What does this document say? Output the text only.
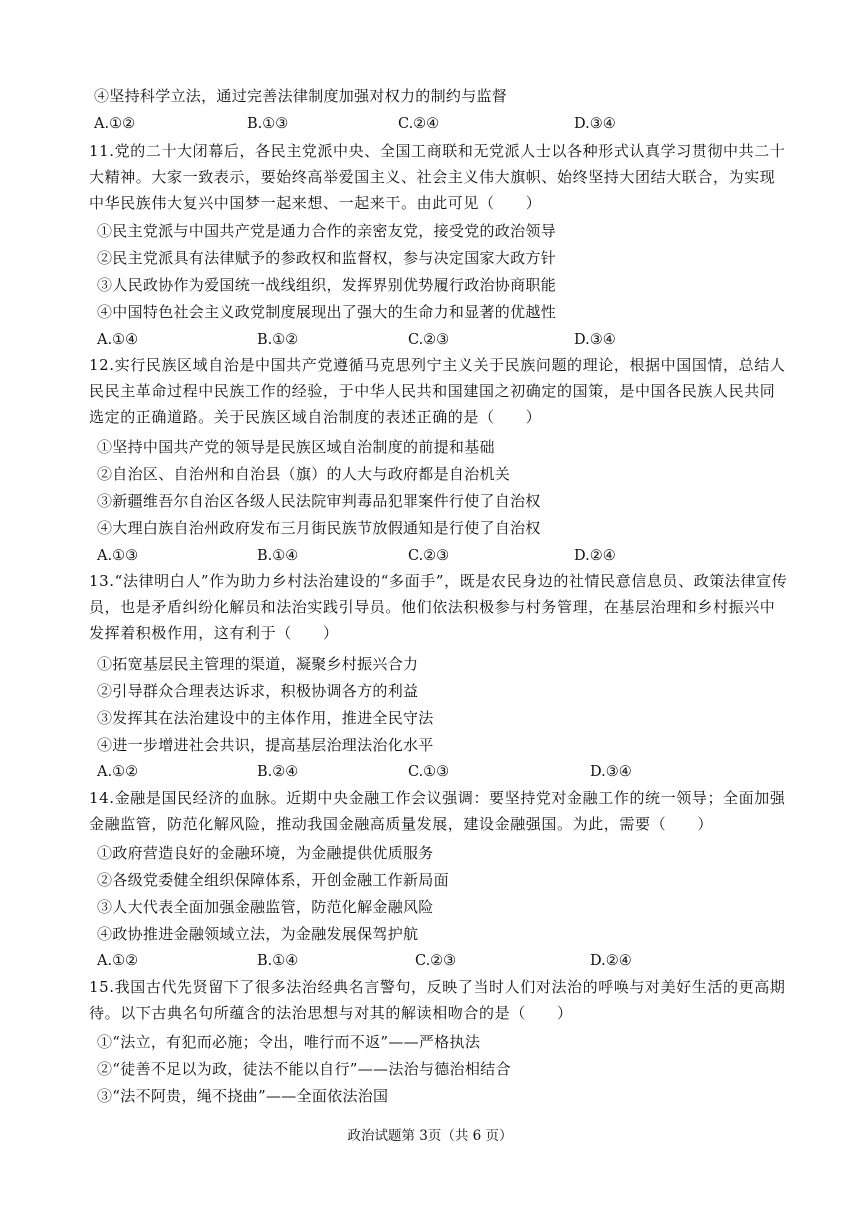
④坚持科学立法，通过完善法律制度加强对权力的制约与监督
A.①②	B.①③	C.②④	D.③④
11.党的二十大闭幕后，各民主党派中央、全国工商联和无党派人士以各种形式认真学习贯彻中共二十大精神。大家一致表示，要始终高举爱国主义、社会主义伟大旗帜、始终坚持大团结大联合，为实现中华民族伟大复兴中国梦一起来想、一起来干。由此可见（　　）
①民主党派与中国共产党是通力合作的亲密友党，接受党的政治领导
②民主党派具有法律赋予的参政权和监督权，参与决定国家大政方针
③人民政协作为爱国统一战线组织，发挥界别优势履行政治协商职能
④中国特色社会主义政党制度展现出了强大的生命力和显著的优越性
A.①④	B.①②	C.②③	D.③④
12.实行民族区域自治是中国共产党遵循马克思列宁主义关于民族问题的理论，根据中国国情，总结人民民主革命过程中民族工作的经验，于中华人民共和国建国之初确定的国策，是中国各民族人民共同选定的正确道路。关于民族区域自治制度的表述正确的是（　　）
①坚持中国共产党的领导是民族区域自治制度的前提和基础
②自治区、自治州和自治县（旗）的人大与政府都是自治机关
③新疆维吾尔自治区各级人民法院审判毒品犯罪案件行使了自治权
④大理白族自治州政府发布三月街民族节放假通知是行使了自治权
A.①③	B.①④	C.②③	D.②④
13.“法律明白人”作为助力乡村法治建设的“多面手”，既是农民身边的社情民意信息员、政策法律宣传员，也是矛盾纠纷化解员和法治实践引导员。他们依法积极参与村务管理，在基层治理和乡村振兴中发挥着积极作用，这有利于（　　）
①拓宽基层民主管理的渠道，凝聚乡村振兴合力
②引导群众合理表达诉求，积极协调各方的利益
③发挥其在法治建设中的主体作用，推进全民守法
④进一步增进社会共识，提高基层治理法治化水平
A.①②	B.②④	C.①③	D.③④
14.金融是国民经济的血脉。近期中央金融工作会议强调：要坚持党对金融工作的统一领导；全面加强金融监管，防范化解风险，推动我国金融高质量发展，建设金融强国。为此，需要（　　）
①政府营造良好的金融环境，为金融提供优质服务
②各级党委健全组织保障体系，开创金融工作新局面
③人大代表全面加强金融监管，防范化解金融风险
④政协推进金融领域立法，为金融发展保驾护航
A.①②	B.①④	C.②③	D.②④
15.我国古代先贤留下了很多法治经典名言警句，反映了当时人们对法治的呼唤与对美好生活的更高期待。以下古典名句所蕴含的法治思想与对其的解读相吻合的是（　　）
①“法立，有犯而必施；令出，唯行而不返”——严格执法
②“徒善不足以为政，徒法不能以自行”——法治与德治相结合
③“法不阿贵，绳不挠曲”——全面依法治国
政治试题第 3页（共 6 页）
